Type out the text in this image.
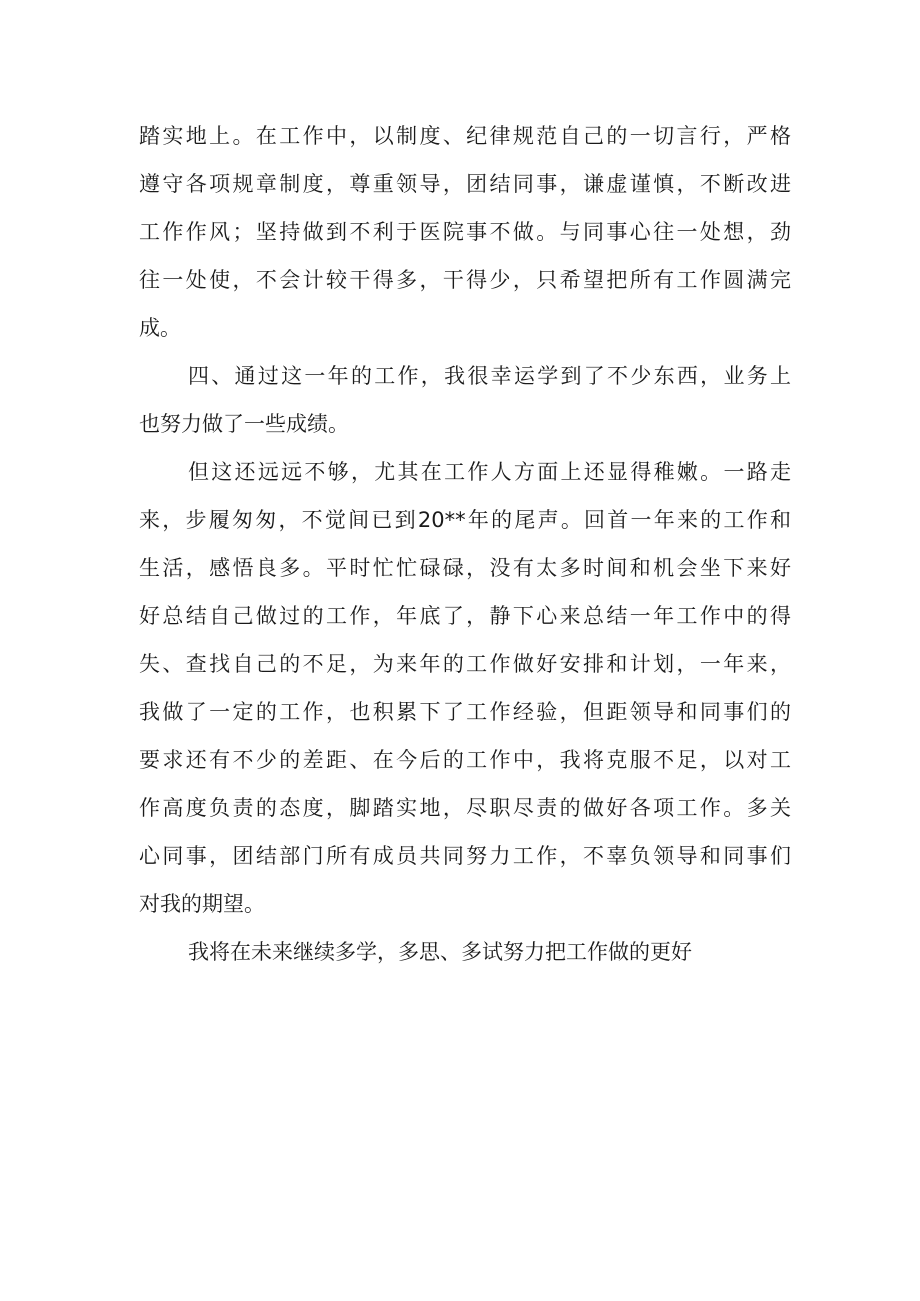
踏实地上。在工作中，以制度、纪律规范自己的一切言行，严格
遵守各项规章制度，尊重领导，团结同事，谦虚谨慎，不断改进
工作作风；坚持做到不利于医院事不做。与同事心往一处想，劲
往一处使，不会计较干得多，干得少，只希望把所有工作圆满完
成。
四、通过这一年的工作，我很幸运学到了不少东西，业务上
也努力做了一些成绩。
但这还远远不够，尤其在工作人方面上还显得稚嫩。一路走
来，步履匆匆，不觉间已到20**年的尾声。回首一年来的工作和
生活，感悟良多。平时忙忙碌碌，没有太多时间和机会坐下来好
好总结自己做过的工作，年底了，静下心来总结一年工作中的得
失、查找自己的不足，为来年的工作做好安排和计划，一年来，
我做了一定的工作，也积累下了工作经验，但距领导和同事们的
要求还有不少的差距、在今后的工作中，我将克服不足，以对工
作高度负责的态度，脚踏实地，尽职尽责的做好各项工作。多关
心同事，团结部门所有成员共同努力工作，不辜负领导和同事们
对我的期望。
我将在未来继续多学，多思、多试努力把工作做的更好
